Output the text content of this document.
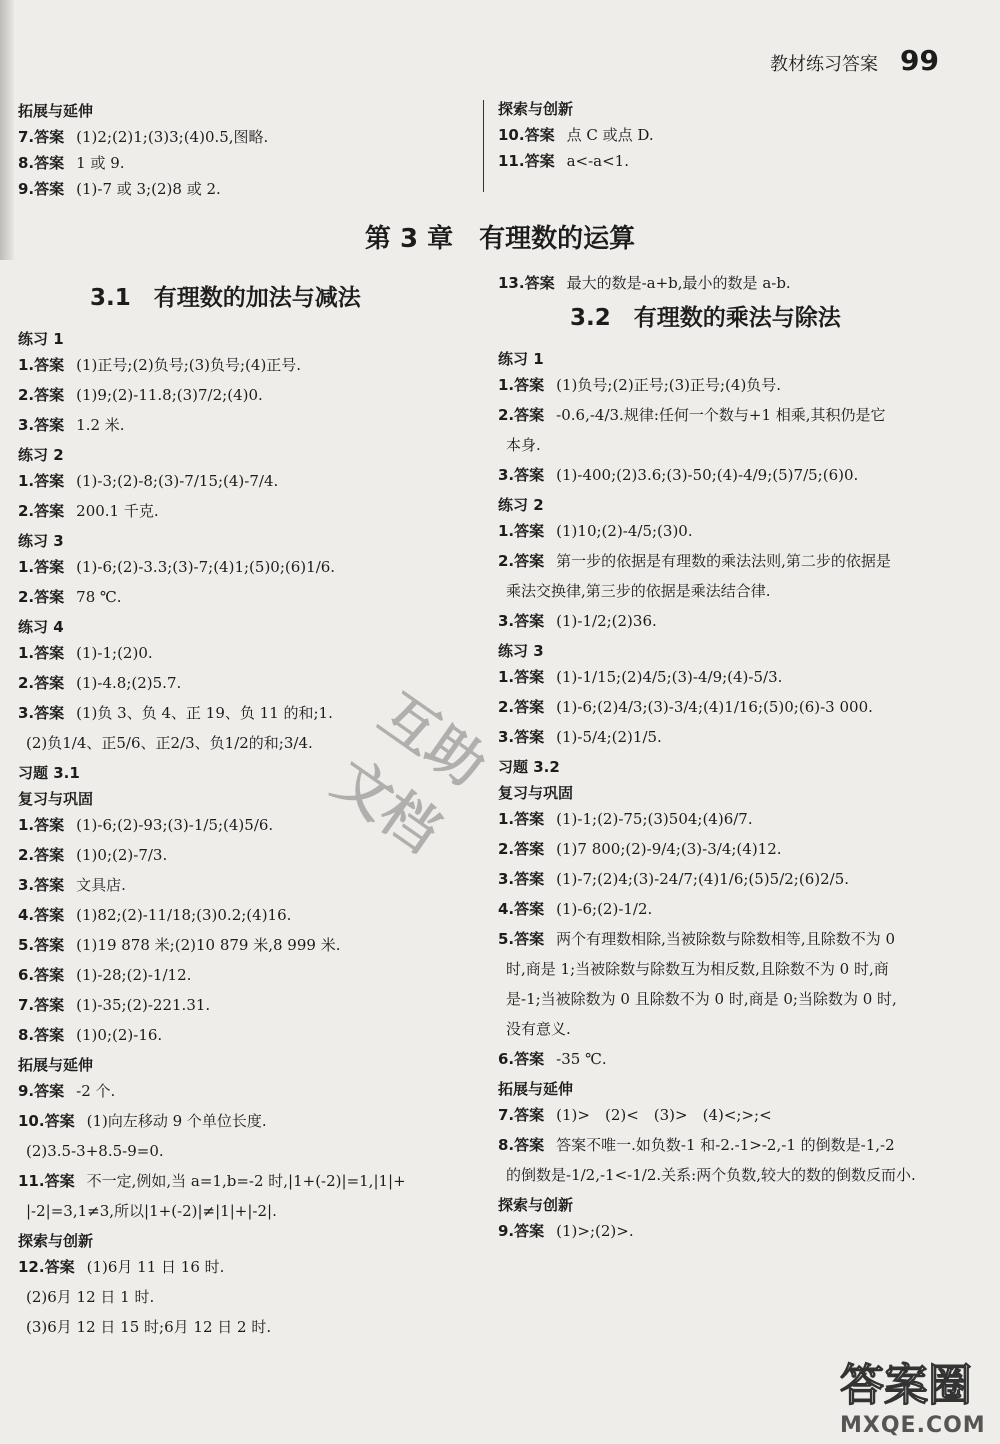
教材练习答案 99
拓展与延伸
7.答案 (1)2;(2)1;(3)3;(4)0.5,图略.
8.答案 1 或 9.
9.答案 (1)-7 或 3;(2)8 或 2.
探索与创新
10.答案 点 C 或点 D.
11.答案 a<-a<1.
第 3 章　有理数的运算
3.1　有理数的加法与减法
练习 1
1.答案 (1)正号;(2)负号;(3)负号;(4)正号.
2.答案 (1)9;(2)-11.8;(3)7/2;(4)0.
3.答案 1.2 米.
练习 2
1.答案 (1)-3;(2)-8;(3)-7/15;(4)-7/4.
2.答案 200.1 千克.
练习 3
1.答案 (1)-6;(2)-3.3;(3)-7;(4)1;(5)0;(6)1/6.
2.答案 78 ℃.
练习 4
1.答案 (1)-1;(2)0.
2.答案 (1)-4.8;(2)5.7.
3.答案 (1)负 3、负 4、正 19、负 11 的和;1.
(2)负1/4、正5/6、正2/3、负1/2的和;3/4.
习题 3.1
复习与巩固
1.答案 (1)-6;(2)-93;(3)-1/5;(4)5/6.
2.答案 (1)0;(2)-7/3.
3.答案 文具店.
4.答案 (1)82;(2)-11/18;(3)0.2;(4)16.
5.答案 (1)19 878 米;(2)10 879 米,8 999 米.
6.答案 (1)-28;(2)-1/12.
7.答案 (1)-35;(2)-221.31.
8.答案 (1)0;(2)-16.
拓展与延伸
9.答案 -2 个.
10.答案 (1)向左移动 9 个单位长度.
(2)3.5-3+8.5-9=0.
11.答案 不一定,例如,当 a=1,b=-2 时,|1+(-2)|=1,|1|+
|-2|=3,1≠3,所以|1+(-2)|≠|1|+|-2|.
探索与创新
12.答案 (1)6月 11 日 16 时.
(2)6月 12 日 1 时.
(3)6月 12 日 15 时;6月 12 日 2 时.
13.答案 最大的数是-a+b,最小的数是 a-b.
3.2　有理数的乘法与除法
练习 1
1.答案 (1)负号;(2)正号;(3)正号;(4)负号.
2.答案 -0.6,-4/3.规律:任何一个数与+1 相乘,其积仍是它
本身.
3.答案 (1)-400;(2)3.6;(3)-50;(4)-4/9;(5)7/5;(6)0.
练习 2
1.答案 (1)10;(2)-4/5;(3)0.
2.答案 第一步的依据是有理数的乘法法则,第二步的依据是
乘法交换律,第三步的依据是乘法结合律.
3.答案 (1)-1/2;(2)36.
练习 3
1.答案 (1)-1/15;(2)4/5;(3)-4/9;(4)-5/3.
2.答案 (1)-6;(2)4/3;(3)-3/4;(4)1/16;(5)0;(6)-3 000.
3.答案 (1)-5/4;(2)1/5.
习题 3.2
复习与巩固
1.答案 (1)-1;(2)-75;(3)504;(4)6/7.
2.答案 (1)7 800;(2)-9/4;(3)-3/4;(4)12.
3.答案 (1)-7;(2)4;(3)-24/7;(4)1/6;(5)5/2;(6)2/5.
4.答案 (1)-6;(2)-1/2.
5.答案 两个有理数相除,当被除数与除数相等,且除数不为 0
时,商是 1;当被除数与除数互为相反数,且除数不为 0 时,商
是-1;当被除数为 0 且除数不为 0 时,商是 0;当除数为 0 时,
没有意义.
6.答案 -35 ℃.
拓展与延伸
7.答案 (1)>　(2)<　(3)>　(4)<;>;<
8.答案 答案不唯一.如负数-1 和-2.-1>-2,-1 的倒数是-1,-2
的倒数是-1/2,-1<-1/2.关系:两个负数,较大的数的倒数反而小.
探索与创新
9.答案 (1)>;(2)>.
互助文档
答案圈
MXQE.COM
